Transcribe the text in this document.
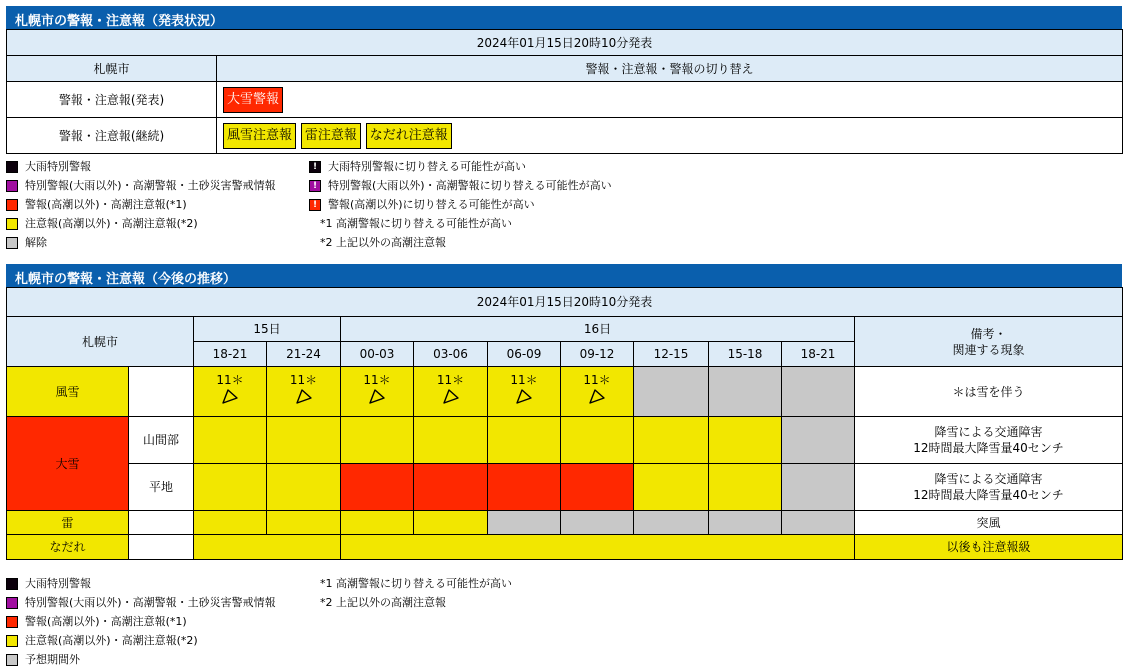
札幌市の警報・注意報（発表状況）
2024年01月15日20時10分発表	
札幌市	警報・注意報・警報の切り替え
警報・注意報(発表)	大雪警報
警報・注意報(継続)	風雪注意報 雷注意報 なだれ注意報
大雨特別警報
特別警報(大雨以外)・高潮警報・土砂災害警戒情報
警報(高潮以外)・高潮注意報(*1)
注意報(高潮以外)・高潮注意報(*2)
解除
! 大雨特別警報に切り替える可能性が高い
! 特別警報(大雨以外)・高潮警報に切り替える可能性が高い
! 警報(高潮以外)に切り替える可能性が高い
*1 高潮警報に切り替える可能性が高い
*2 上記以外の高潮注意報
札幌市の警報・注意報（今後の推移）
2024年01月15日20時10分発表											
札幌市		15日		16日							備考・
関連する現象
		18-21	21-24	00-03	03-06	06-09	09-12	12-15	15-18	18-21	
風雪		11＊	11＊	11＊	11＊	11＊	11＊				＊は雪を伴う
大雪	山間部										降雪による交通障害
12時間最大降雪量40センチ
	平地										降雪による交通障害
12時間最大降雪量40センチ
雷											突風
なだれ											以後も注意報級
大雨特別警報
特別警報(大雨以外)・高潮警報・土砂災害警戒情報
警報(高潮以外)・高潮注意報(*1)
注意報(高潮以外)・高潮注意報(*2)
予想期間外
*1 高潮警報に切り替える可能性が高い
*2 上記以外の高潮注意報
